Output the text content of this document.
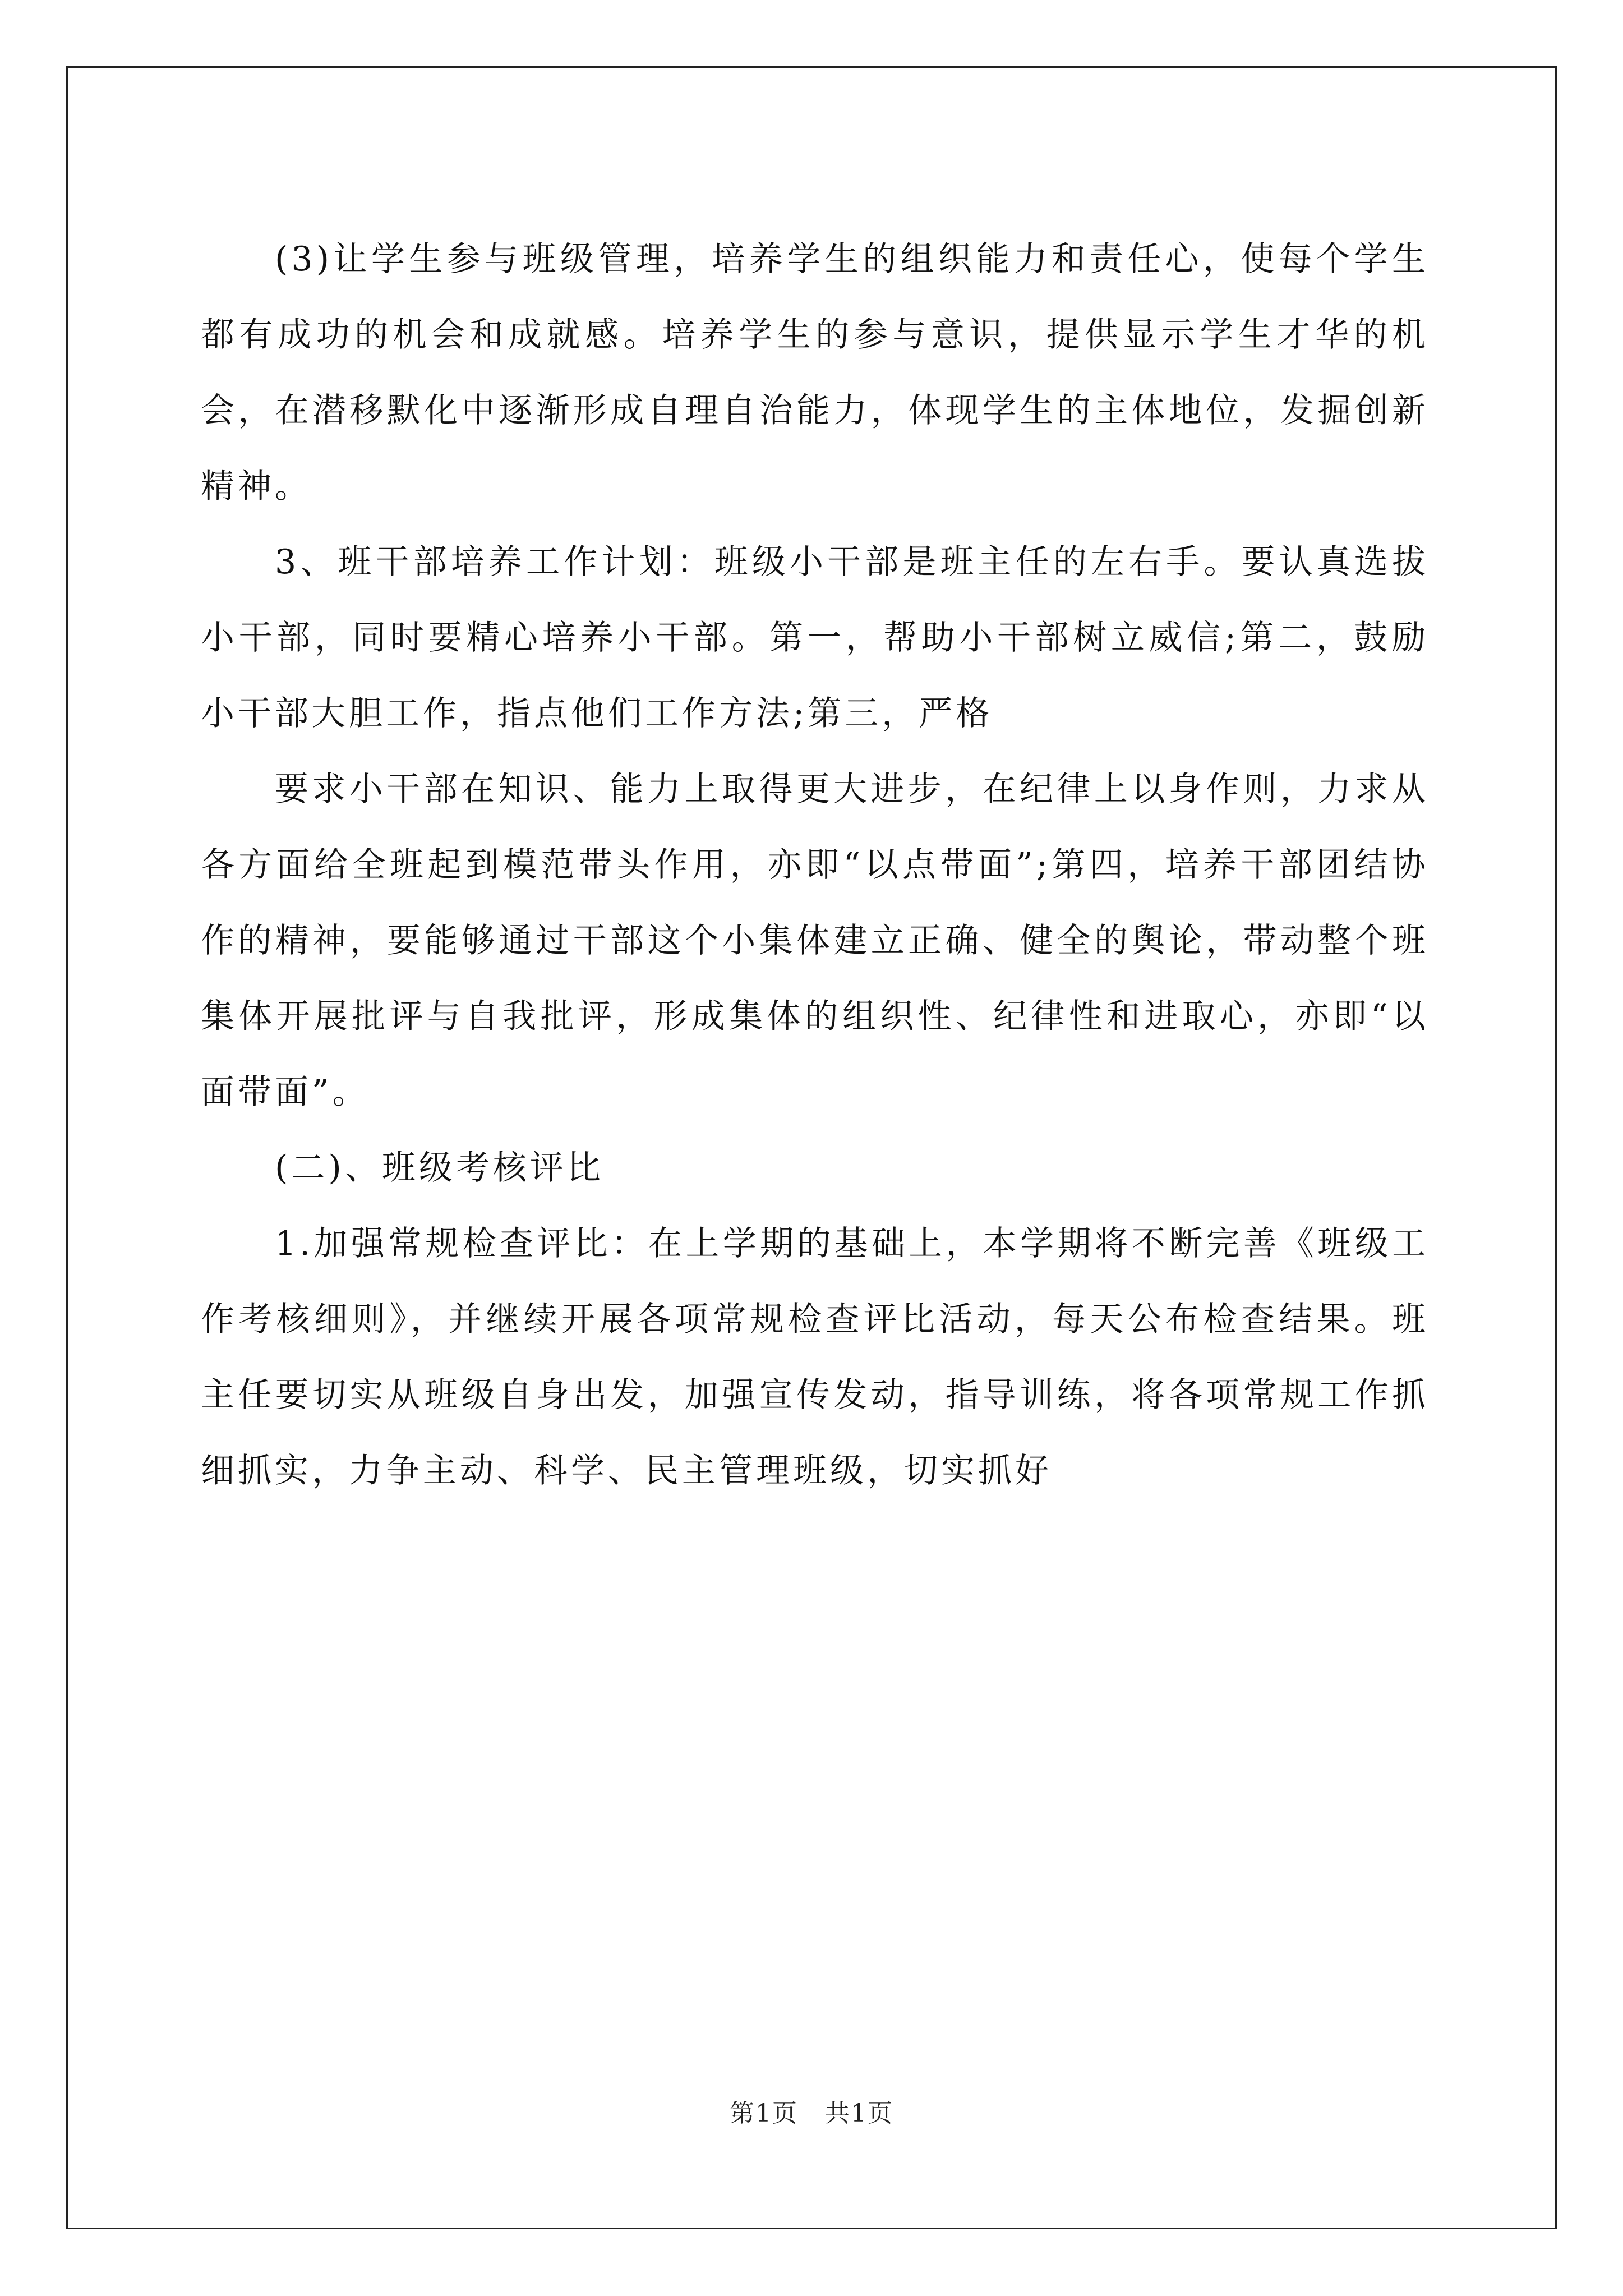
(3)让学生参与班级管理，培养学生的组织能力和责任心，使每个学生都有成功的机会和成就感。培养学生的参与意识，提供显示学生才华的机会，在潜移默化中逐渐形成自理自治能力，体现学生的主体地位，发掘创新精神。

3、班干部培养工作计划：班级小干部是班主任的左右手。要认真选拔小干部，同时要精心培养小干部。第一，帮助小干部树立威信;第二，鼓励小干部大胆工作，指点他们工作方法;第三，严格

要求小干部在知识、能力上取得更大进步，在纪律上以身作则，力求从各方面给全班起到模范带头作用，亦即“以点带面”;第四，培养干部团结协作的精神，要能够通过干部这个小集体建立正确、健全的舆论，带动整个班集体开展批评与自我批评，形成集体的组织性、纪律性和进取心，亦即“以面带面”。

(二)、班级考核评比

1.加强常规检查评比：在上学期的基础上，本学期将不断完善《班级工作考核细则》，并继续开展各项常规检查评比活动，每天公布检查结果。班主任要切实从班级自身出发，加强宣传发动，指导训练，将各项常规工作抓细抓实，力争主动、科学、民主管理班级，切实抓好

第1页 共1页
